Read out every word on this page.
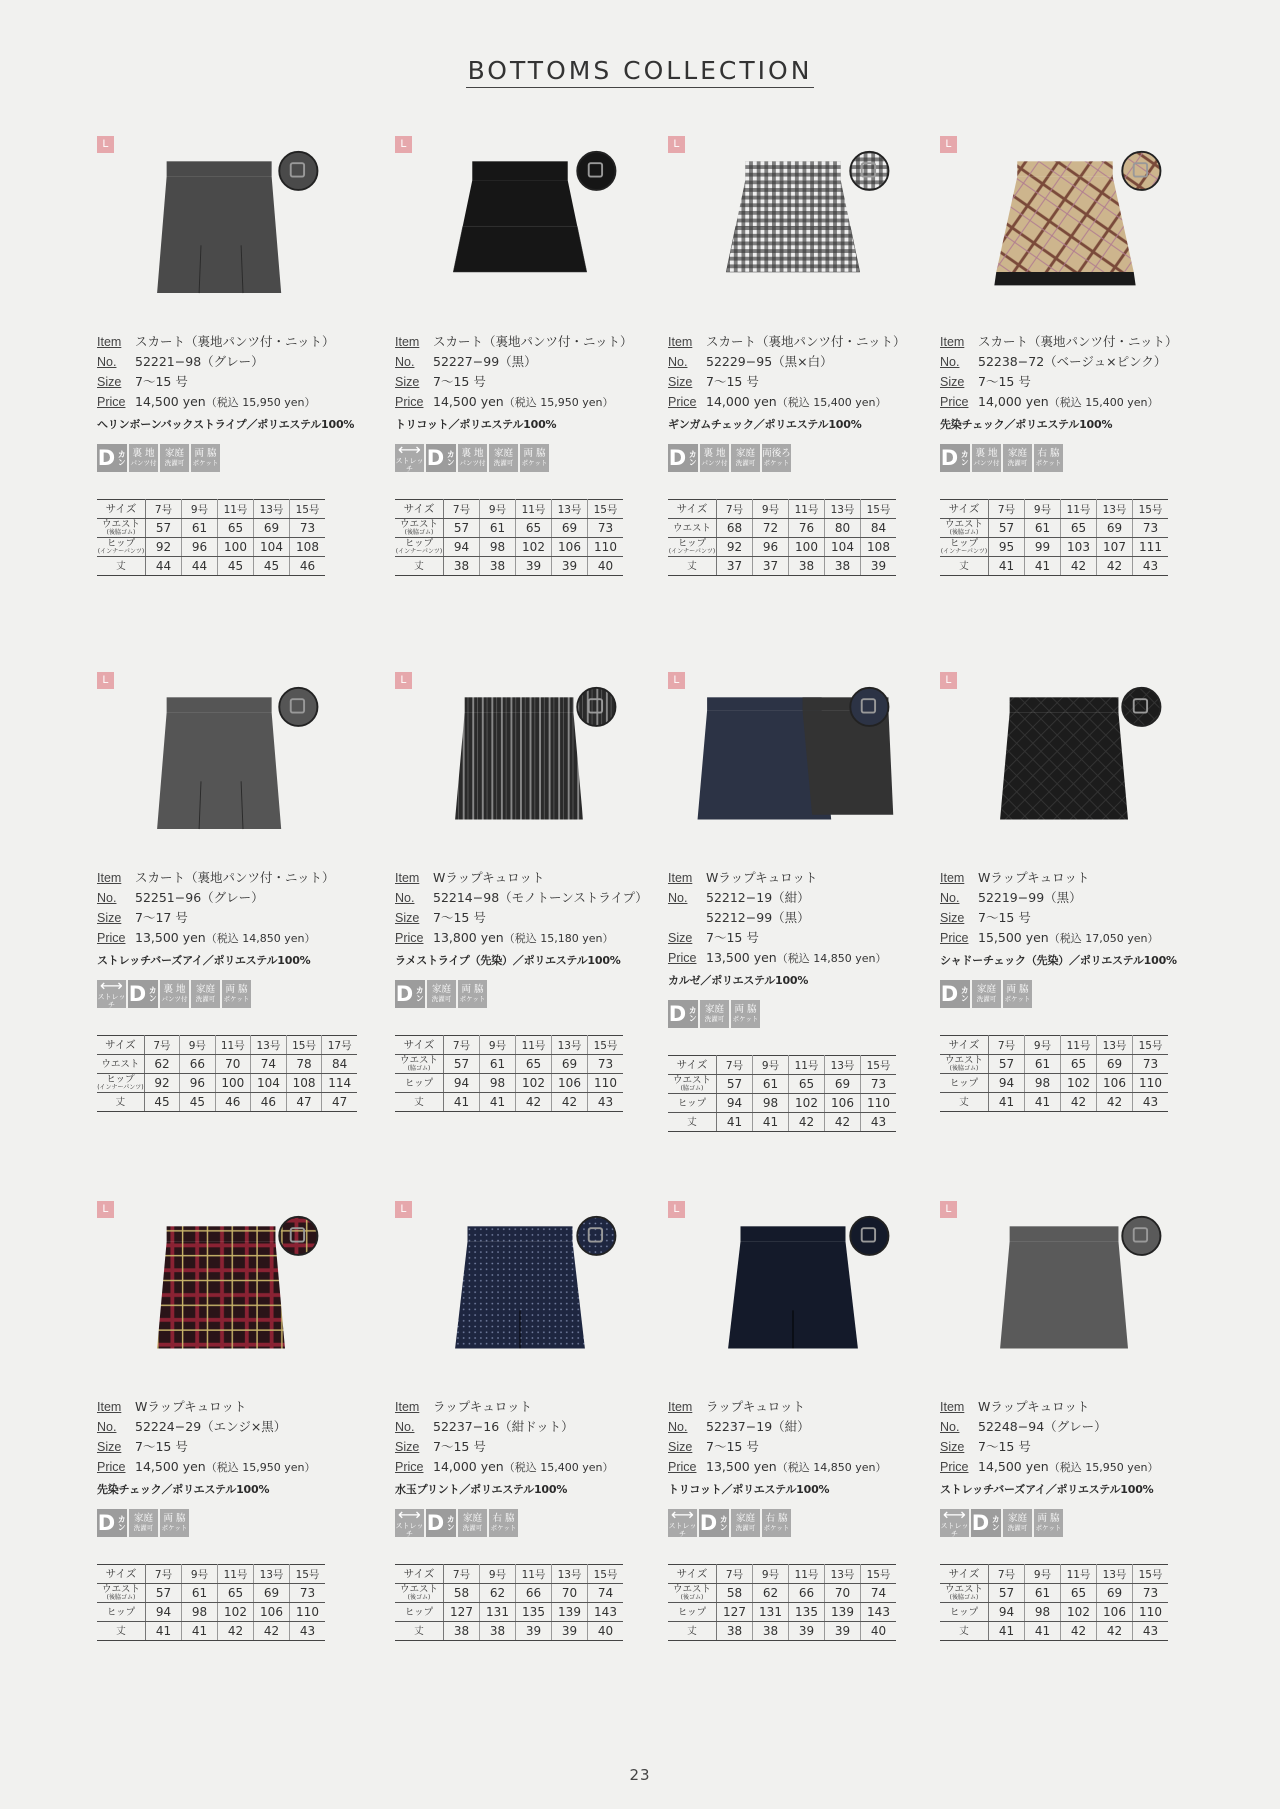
BOTTOMS COLLECTION
L
Item	スカート（裏地パンツ付・ニット）
No.	52221−98（グレー）
Size	7～15 号
Price 14,500 yen（税込 15,950 yen）
ヘリンボーンバックストライプ／ポリエステル100%
D カン 裏 地
パンツ付
家庭
洗濯可
両 脇
ポケット
サイズ	7号	9号	11号	13号	15号
ウエスト
(後脇ゴム)	57	61	65	69	73
ヒップ
(インナーパンツ)	92	96	100	104	108
丈	44	44	45	45	46
L
Item	スカート（裏地パンツ付・ニット）
No.	52227−99（黒）
Size	7～15 号
Price 14,500 yen（税込 15,950 yen）
トリコット／ポリエステル100%
⟷
ストレッチ D カン 裏 地
パンツ付
家庭
洗濯可
両 脇
ポケット
サイズ	7号	9号	11号	13号	15号
ウエスト
(後脇ゴム)	57	61	65	69	73
ヒップ
(インナーパンツ)	94	98	102	106	110
丈	38	38	39	39	40
L
Item	スカート（裏地パンツ付・ニット）
No.	52229−95（黒×白）
Size	7～15 号
Price 14,000 yen（税込 15,400 yen）
ギンガムチェック／ポリエステル100%
D カン 裏 地
パンツ付
家庭
洗濯可
両後ろ
ポケット
サイズ	7号	9号	11号	13号	15号
ウエスト	68	72	76	80	84
ヒップ
(インナーパンツ)	92	96	100	104	108
丈	37	37	38	38	39
L
Item	スカート（裏地パンツ付・ニット）
No.	52238−72（ベージュ×ピンク）
Size	7～15 号
Price 14,000 yen（税込 15,400 yen）
先染チェック／ポリエステル100%
D カン 裏 地
パンツ付
家庭
洗濯可
右 脇
ポケット
サイズ	7号	9号	11号	13号	15号
ウエスト
(後脇ゴム)	57	61	65	69	73
ヒップ
(インナーパンツ)	95	99	103	107	111
丈	41	41	42	42	43
L
Item	スカート（裏地パンツ付・ニット）
No.	52251−96（グレー）
Size	7～17 号
Price 13,500 yen（税込 14,850 yen）
ストレッチバーズアイ／ポリエステル100%
⟷
ストレッチ D カン 裏 地
パンツ付
家庭
洗濯可
両 脇
ポケット
サイズ	7号	9号	11号	13号	15号	17号
ウエスト	62	66	70	74	78	84
ヒップ
(インナーパンツ)	92	96	100	104	108	114
丈	45	45	46	46	47	47
L
Item	Wラップキュロット
No.	52214−98（モノトーンストライプ）
Size	7～15 号
Price 13,800 yen（税込 15,180 yen）
ラメストライプ（先染）／ポリエステル100%
D カン 家庭
洗濯可
両 脇
ポケット
サイズ	7号	9号	11号	13号	15号
ウエスト
(脇ゴム)	57	61	65	69	73
ヒップ	94	98	102	106	110
丈	41	41	42	42	43
L
Item	Wラップキュロット
No.	52212−19（紺）
52212−99（黒）
Size	7～15 号
Price 13,500 yen（税込 14,850 yen）
カルゼ／ポリエステル100%
D カン 家庭
洗濯可
両 脇
ポケット
サイズ	7号	9号	11号	13号	15号
ウエスト
(脇ゴム)	57	61	65	69	73
ヒップ	94	98	102	106	110
丈	41	41	42	42	43
L
Item	Wラップキュロット
No.	52219−99（黒）
Size	7～15 号
Price 15,500 yen（税込 17,050 yen）
シャドーチェック（先染）／ポリエステル100%
D カン 家庭
洗濯可
両 脇
ポケット
サイズ	7号	9号	11号	13号	15号
ウエスト
(後脇ゴム)	57	61	65	69	73
ヒップ	94	98	102	106	110
丈	41	41	42	42	43
L
Item	Wラップキュロット
No.	52224−29（エンジ×黒）
Size	7～15 号
Price 14,500 yen（税込 15,950 yen）
先染チェック／ポリエステル100%
D カン 家庭
洗濯可
両 脇
ポケット
サイズ	7号	9号	11号	13号	15号
ウエスト
(後脇ゴム)	57	61	65	69	73
ヒップ	94	98	102	106	110
丈	41	41	42	42	43
L
Item	ラップキュロット
No.	52237−16（紺ドット）
Size	7～15 号
Price 14,000 yen（税込 15,400 yen）
水玉プリント／ポリエステル100%
⟷
ストレッチ D カン 家庭
洗濯可
右 脇
ポケット
サイズ	7号	9号	11号	13号	15号
ウエスト
(後ゴム)	58	62	66	70	74
ヒップ	127	131	135	139	143
丈	38	38	39	39	40
L
Item	ラップキュロット
No.	52237−19（紺）
Size	7～15 号
Price 13,500 yen（税込 14,850 yen）
トリコット／ポリエステル100%
⟷
ストレッチ D カン 家庭
洗濯可
右 脇
ポケット
サイズ	7号	9号	11号	13号	15号
ウエスト
(後ゴム)	58	62	66	70	74
ヒップ	127	131	135	139	143
丈	38	38	39	39	40
L
Item	Wラップキュロット
No.	52248−94（グレー）
Size	7～15 号
Price 14,500 yen（税込 15,950 yen）
ストレッチバーズアイ／ポリエステル100%
⟷
ストレッチ D カン 家庭
洗濯可
両 脇
ポケット
サイズ	7号	9号	11号	13号	15号
ウエスト
(後脇ゴム)	57	61	65	69	73
ヒップ	94	98	102	106	110
丈	41	41	42	42	43
23
